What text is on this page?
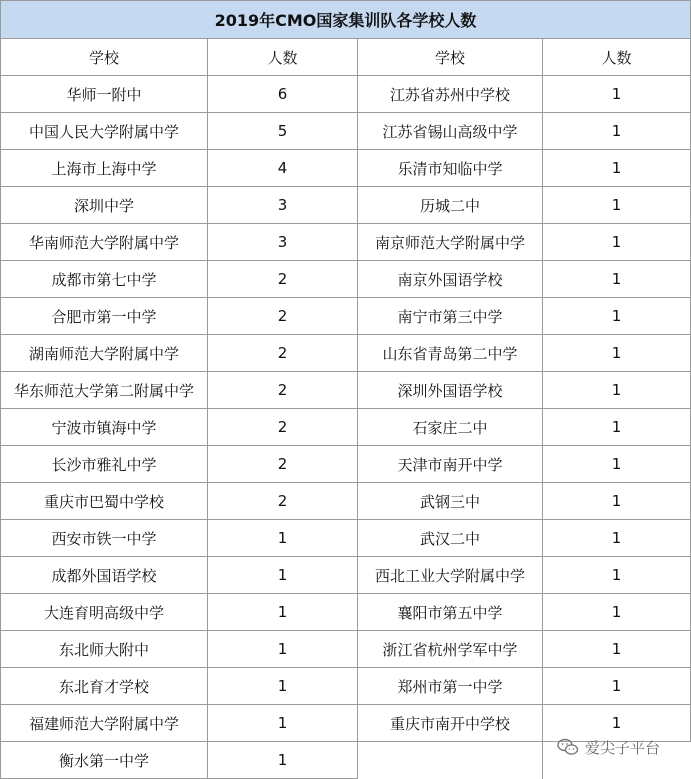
2019年CMO国家集训队各学校人数			
学校	人数	学校	人数
华师一附中	6	江苏省苏州中学校	1
中国人民大学附属中学	5	江苏省锡山高级中学	1
上海市上海中学	4	乐清市知临中学	1
深圳中学	3	历城二中	1
华南师范大学附属中学	3	南京师范大学附属中学	1
成都市第七中学	2	南京外国语学校	1
合肥市第一中学	2	南宁市第三中学	1
湖南师范大学附属中学	2	山东省青岛第二中学	1
华东师范大学第二附属中学	2	深圳外国语学校	1
宁波市镇海中学	2	石家庄二中	1
长沙市雅礼中学	2	天津市南开中学	1
重庆市巴蜀中学校	2	武钢三中	1
西安市铁一中学	1	武汉二中	1
成都外国语学校	1	西北工业大学附属中学	1
大连育明高级中学	1	襄阳市第五中学	1
东北师大附中	1	浙江省杭州学军中学	1
东北育才学校	1	郑州市第一中学	1
福建师范大学附属中学	1	重庆市南开中学校	1
衡水第一中学	1		
爱尖子平台
